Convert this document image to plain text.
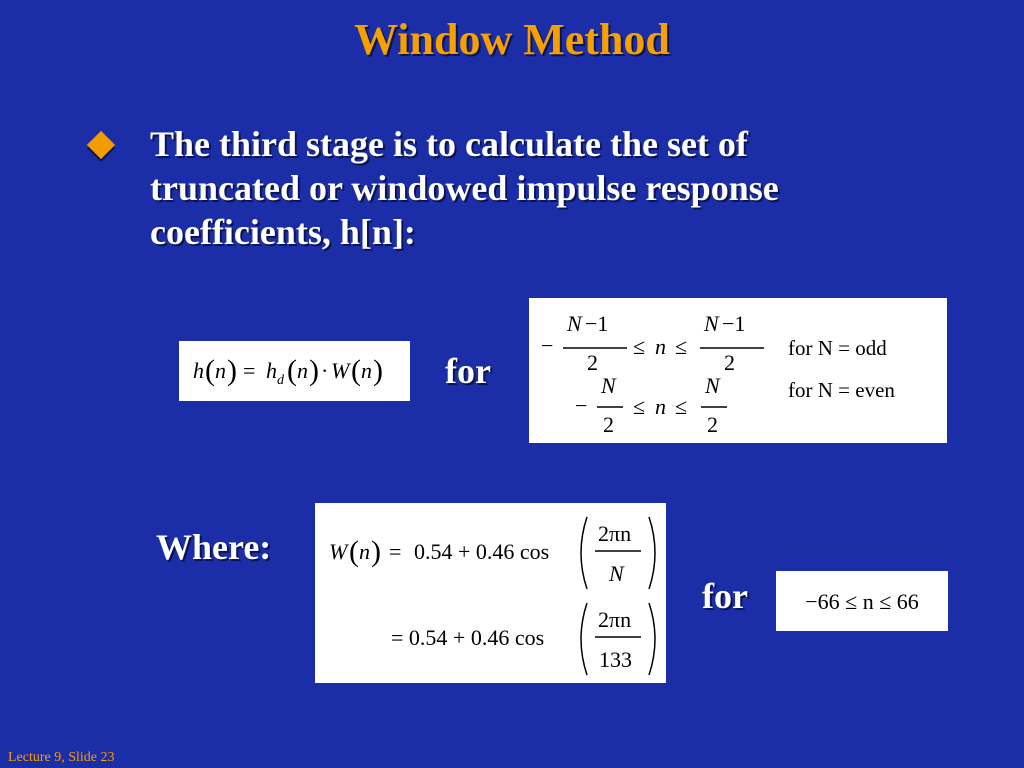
Window Method
The third stage is to calculate the set of
truncated or windowed impulse response
coefficients, h[n]:
h ( n ) = h d ( n ) · W ( n ) for
−
N −1
2
≤ n ≤
N −1
2
for N = odd
−
N
2
≤ n ≤
N
2
for N = even
Where:	W ( n ) = 0.54 + 0.46 cos
2πn
N
= 0.54 + 0.46 cos
2πn
133
for	−66 ≤ n ≤ 66
Lecture 9, Slide 23
